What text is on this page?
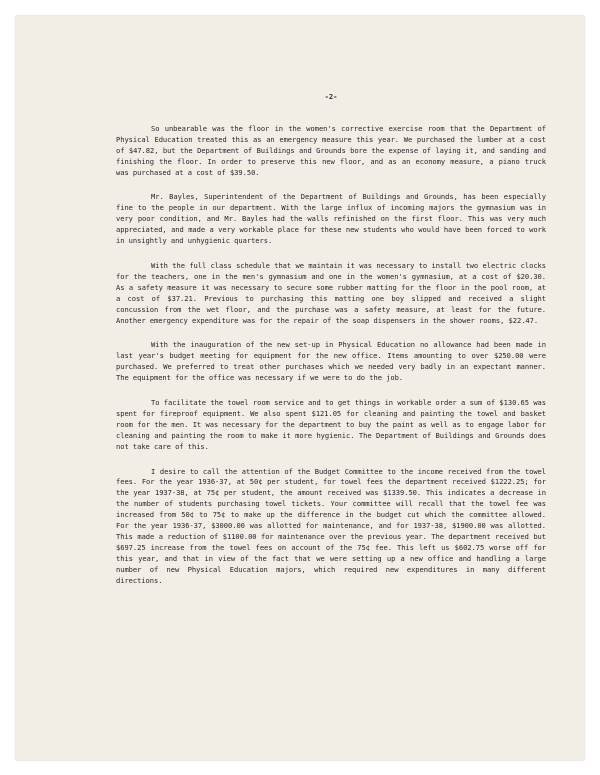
-2-

So unbearable was the floor in the women's corrective exercise room that the Department of Physical Education treated this as an emergency measure this year. We purchased the lumber at a cost of $47.82, but the Department of Buildings and Grounds bore the expense of laying it, and sanding and finishing the floor. In order to preserve this new floor, and as an economy measure, a piano truck was purchased at a cost of $39.50.

Mr. Bayles, Superintendent of the Department of Buildings and Grounds, has been especially fine to the people in our department. With the large influx of incoming majors the gymnasium was in very poor condition, and Mr. Bayles had the walls refinished on the first floor. This was very much appreciated, and made a very workable place for these new students who would have been forced to work in unsightly and unhygienic quarters.

With the full class schedule that we maintain it was necessary to install two electric clocks for the teachers, one in the men's gymnasium and one in the women's gymnasium, at a cost of $20.30. As a safety measure it was necessary to secure some rubber matting for the floor in the pool room, at a cost of $37.21. Previous to purchasing this matting one boy slipped and received a slight concussion from the wet floor, and the purchase was a safety measure, at least for the future. Another emergency expenditure was for the repair of the soap dispensers in the shower rooms, $22.47.

With the inauguration of the new set-up in Physical Education no allowance had been made in last year's budget meeting for equipment for the new office. Items amounting to over $250.00 were purchased. We preferred to treat other purchases which we needed very badly in an expectant manner. The equipment for the office was necessary if we were to do the job.

To facilitate the towel room service and to get things in workable order a sum of $130.65 was spent for fireproof equipment. We also spent $121.05 for cleaning and painting the towel and basket room for the men. It was necessary for the department to buy the paint as well as to engage labor for cleaning and painting the room to make it more hygienic. The Department of Buildings and Grounds does not take care of this.

I desire to call the attention of the Budget Committee to the income received from the towel fees. For the year 1936-37, at 50¢ per student, for towel fees the department received $1222.25; for the year 1937-38, at 75¢ per student, the amount received was $1339.50. This indicates a decrease in the number of students purchasing towel tickets. Your committee will recall that the towel fee was increased from 50¢ to 75¢ to make up the difference in the budget cut which the committee allowed. For the year 1936-37, $3000.00 was allotted for maintenance, and for 1937-38, $1900.00 was allotted. This made a reduction of $1100.00 for maintenance over the previous year. The department received but $697.25 increase from the towel fees on account of the 75¢ fee. This left us $602.75 worse off for this year, and that in view of the fact that we were setting up a new office and handling a large number of new Physical Education majors, which required new expenditures in many different directions.
